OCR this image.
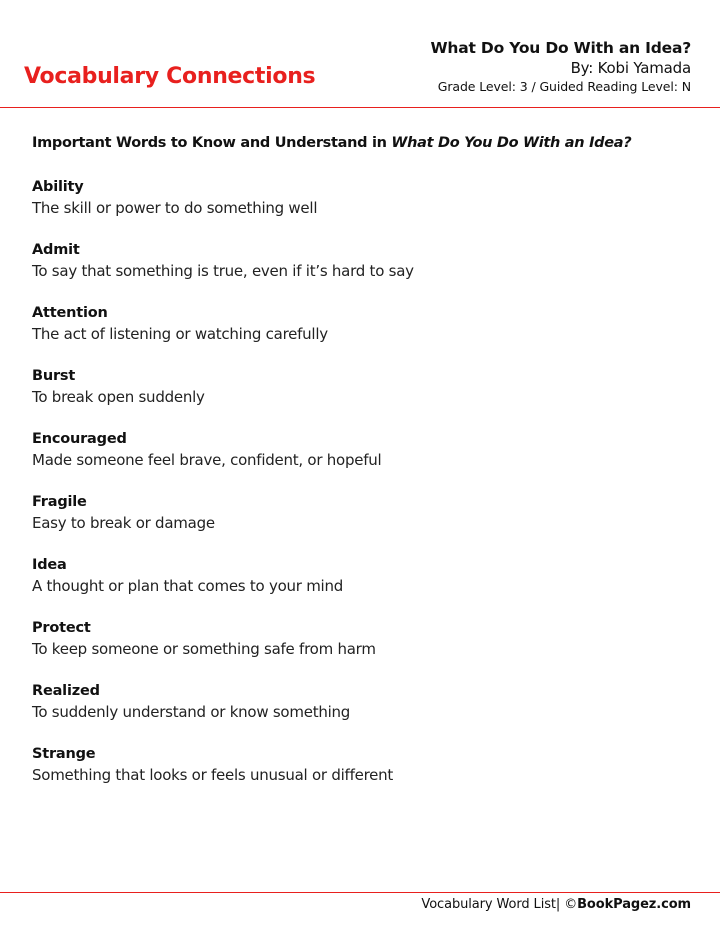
Vocabulary Connections
What Do You Do With an Idea?
By: Kobi Yamada
Grade Level: 3 / Guided Reading Level: N
Important Words to Know and Understand in What Do You Do With an Idea?
Ability
The skill or power to do something well
Admit
To say that something is true, even if it’s hard to say
Attention
The act of listening or watching carefully
Burst
To break open suddenly
Encouraged
Made someone feel brave, confident, or hopeful
Fragile
Easy to break or damage
Idea
A thought or plan that comes to your mind
Protect
To keep someone or something safe from harm
Realized
To suddenly understand or know something
Strange
Something that looks or feels unusual or different
Vocabulary Word List| ©BookPagez.com
